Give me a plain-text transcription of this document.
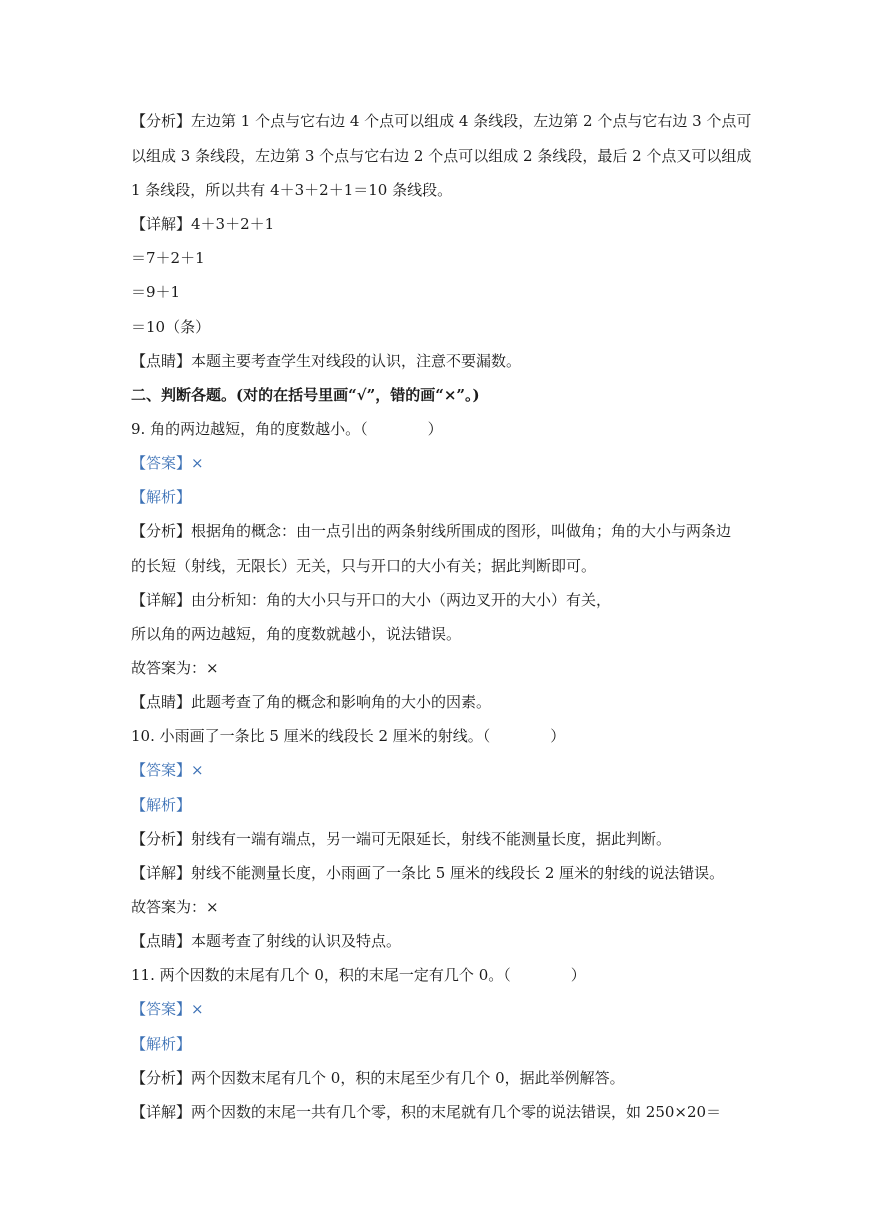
【分析】左边第 1 个点与它右边 4 个点可以组成 4 条线段，左边第 2 个点与它右边 3 个点可
以组成 3 条线段，左边第 3 个点与它右边 2 个点可以组成 2 条线段，最后 2 个点又可以组成
1 条线段，所以共有 4＋3＋2＋1＝10 条线段。
【详解】4＋3＋2＋1
＝7＋2＋1
＝9＋1
＝10（条）
【点睛】本题主要考查学生对线段的认识，注意不要漏数。
二、判断各题。(对的在括号里画“√”，错的画“×”。)
9. 角的两边越短，角的度数越小。（　　　　）
【答案】×
【解析】
【分析】根据角的概念：由一点引出的两条射线所围成的图形，叫做角；角的大小与两条边
的长短（射线，无限长）无关，只与开口的大小有关；据此判断即可。
【详解】由分析知：角的大小只与开口的大小（两边叉开的大小）有关，
所以角的两边越短，角的度数就越小，说法错误。
故答案为：×
【点睛】此题考查了角的概念和影响角的大小的因素。
10. 小雨画了一条比 5 厘米的线段长 2 厘米的射线。（　　　　）
【答案】×
【解析】
【分析】射线有一端有端点，另一端可无限延长，射线不能测量长度，据此判断。
【详解】射线不能测量长度，小雨画了一条比 5 厘米的线段长 2 厘米的射线的说法错误。
故答案为：×
【点睛】本题考查了射线的认识及特点。
11. 两个因数的末尾有几个 0，积的末尾一定有几个 0。（　　　　）
【答案】×
【解析】
【分析】两个因数末尾有几个 0，积的末尾至少有几个 0，据此举例解答。
【详解】两个因数的末尾一共有几个零，积的末尾就有几个零的说法错误，如 250×20＝
